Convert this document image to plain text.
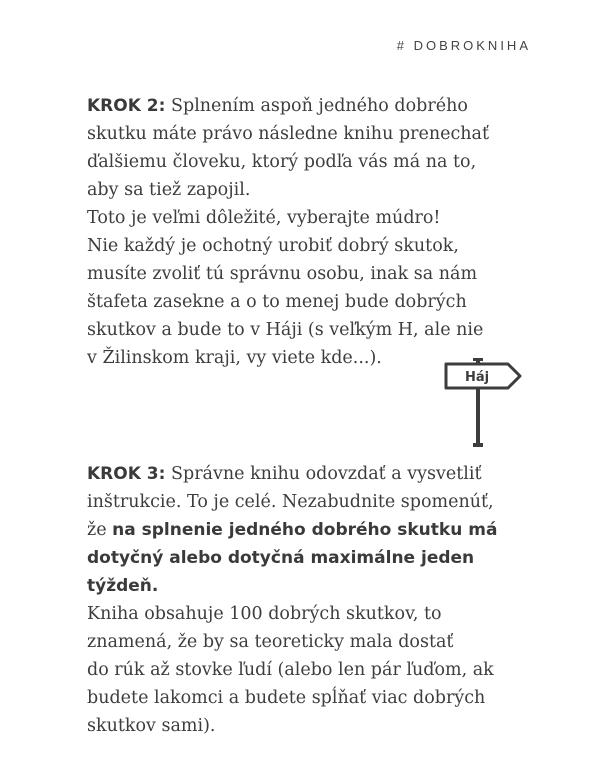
# DOBROKNIHA
KROK 2: Splnením aspoň jedného dobrého
skutku máte právo následne knihu prenechať
ďalšiemu človeku, ktorý podľa vás má na to,
aby sa tiež zapojil.
Toto je veľmi dôležité, vyberajte múdro!
Nie každý je ochotný urobiť dobrý skutok,
musíte zvoliť tú správnu osobu, inak sa nám
štafeta zasekne a o to menej bude dobrých
skutkov a bude to v Háji (s veľkým H, ale nie
v Žilinskom kraji, vy viete kde...).
Háj
KROK 3: Správne knihu odovzdať a vysvetliť
inštrukcie. To je celé. Nezabudnite spomenúť,
že na splnenie jedného dobrého skutku má
dotyčný alebo dotyčná maximálne jeden
týždeň.
Kniha obsahuje 100 dobrých skutkov, to
znamená, že by sa teoreticky mala dostať
do rúk až stovke ľudí (alebo len pár ľuďom, ak
budete lakomci a budete spĺňať viac dobrých
skutkov sami).
